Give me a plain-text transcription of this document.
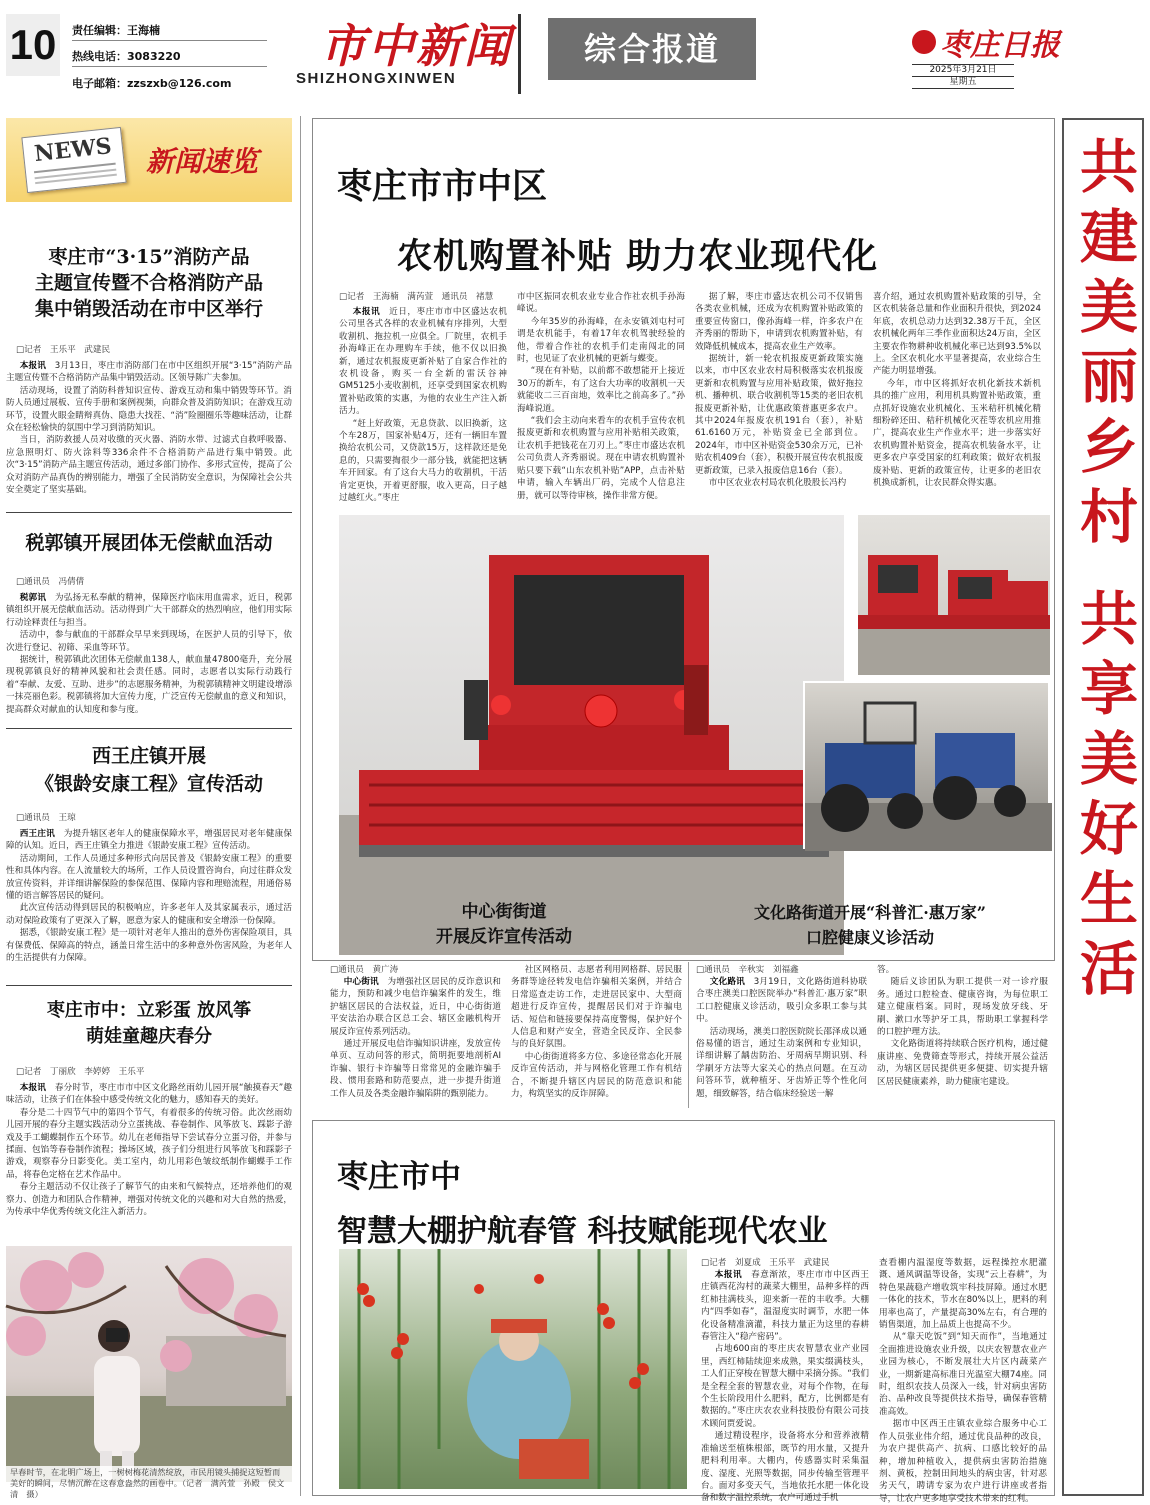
10	责任编辑：王海楠
热线电话：3083220
电子邮箱：zzszxb@126.com
市中新闻
SHIZHONGXINWEN
综合报道	枣庄日报
2025年3月21日
星期五
共建美丽乡村 共享美好生活
NEWS	新闻速览
枣庄市“3·15”消防产品
主题宣传暨不合格消防产品
集中销毁活动在市中区举行
□记者　王乐平　武建民

本报讯　 3月13日，枣庄市消防部门在市中区组织开展“3·15”消防产品主题宣传暨不合格消防产品集中销毁活动。区领导陈广夫参加。

活动现场，设置了消防科普知识宣传、游戏互动和集中销毁等环节。消防人员通过展板、宣传手册和案例视频，向群众普及消防知识；在游戏互动环节，设置火眼金睛辩真伪、隐患大找茬、“消”险圈圈乐等趣味活动，让群众在轻松愉快的氛围中学习到消防知识。

当日，消防救援人员对收缴的灭火器、消防水带、过滤式自救呼吸器、应急照明灯、防火涂料等336余件不合格消防产品进行集中销毁。此次“3·15”消防产品主题宣传活动，通过多部门协作、多形式宣传，提高了公众对消防产品真伪的辨别能力，增强了全民消防安全意识，为保障社会公共安全奠定了坚实基础。

税郭镇开展团体无偿献血活动
□通讯员　冯倩倩

税郭讯　 为弘扬无私奉献的精神，保障医疗临床用血需求，近日，税郭镇组织开展无偿献血活动。活动得到广大干部群众的热烈响应，他们用实际行动诠释责任与担当。

活动中，参与献血的干部群众早早来到现场，在医护人员的引导下，依次进行登记、初筛、采血等环节。

据统计，税郭镇此次团体无偿献血138人，献血量47800毫升，充分展现税郭镇良好的精神风貌和社会责任感。同时，志愿者以实际行动践行着“奉献、友爱、互助、进步”的志愿服务精神，为税郭镇精神文明建设增添一抹亮丽色彩。税郭镇将加大宣传力度，广泛宣传无偿献血的意义和知识，提高群众对献血的认知度和参与度。

西王庄镇开展
《银龄安康工程》宣传活动
□通讯员　王琼

西王庄讯　 为提升辖区老年人的健康保障水平，增强居民对老年健康保障的认知。近日，西王庄镇全力推进《银龄安康工程》宣传活动。

活动期间，工作人员通过多种形式向居民普及《银龄安康工程》的重要性和具体内容。在人流量较大的场所，工作人员设置咨询台，向过往群众发放宣传资料，并详细讲解保险的参保范围、保障内容和理赔流程，用通俗易懂的语言解答居民的疑问。

此次宣传活动得到居民的积极响应，许多老年人及其家属表示，通过活动对保险政策有了更深入了解，愿意为家人的健康和安全增添一份保障。

据悉，《银龄安康工程》是一项针对老年人推出的意外伤害保险项目，具有保费低、保障高的特点，涵盖日常生活中的多种意外伤害风险，为老年人的生活提供有力保障。

枣庄市中：立彩蛋 放风筝
萌娃童趣庆春分
□记者　丁丽欣　李婷婷　王乐平

本报讯　 春分时节，枣庄市市中区文化路丝雨幼儿园开展“触摸春天”趣味活动，让孩子们在体验中感受传统文化的魅力，感知春天的美好。

春分是二十四节气中的第四个节气，有着很多的传统习俗。此次丝雨幼儿园开展的春分主题实践活动分立蛋挑战、春卷制作、风筝放飞、踩影子游戏及手工蝴蝶制作五个环节。幼儿在老师指导下尝试春分立蛋习俗，并参与揉面、包馅等春卷制作流程；操场区域，孩子们分组进行风筝放飞和踩影子游戏，观察春分日影变化。美工室内，幼儿用彩色皱纹纸制作蝴蝶手工作品，将春色定格在艺术作品中。

春分主题活动不仅让孩子了解节气的由来和气候特点，还培养他们的观察力、创造力和团队合作精神，增强对传统文化的兴趣和对大自然的热爱，为传承中华优秀传统文化注入新活力。

早春时节，在北明广场上，一树树梅花清然绽放，市民用镜头捕捉这短暂而美好的瞬间，尽情沉醉在这春意盎然的画卷中。（记者　满芮萱　孙殿　侯文清　摄）
枣庄市市中区
农机购置补贴 助力农业现代化
□记者　王海楠　满芮萱　通讯员　褚慧

本报讯　 近日，枣庄市市中区盛达农机公司里各式各样的农业机械有序排列，大型收割机、拖拉机一应俱全。厂院里，农机手孙海峰正在办理购车手续，他不仅以旧换新，通过农机报废更新补贴了自家合作社的农机设备，购买一台全新的雷沃谷神GM5125小麦收割机，还享受到国家农机购置补贴政策的实惠，为他的农业生产注入新活力。

“赶上好政策，无息贷款、以旧换新，这个车28万，国家补贴4万，还有一辆旧车置换给农机公司，又贷款15万，这样款还是免息的，只需要掏很少一部分钱，就能把这辆车开回家。有了这台大马力的收割机，干活肯定更快，开着更舒服，收入更高，日子越过越红火。”枣庄

市中区振同农机农业专业合作社农机手孙海峰说。

今年35岁的孙海峰，在永安镇刘屯村可谓是农机能手，有着17年农机驾驶经验的他，带着合作社的农机手们走南闯北的同时，也见证了农业机械的更新与蝶变。

“现在有补贴，以前都不敢想能开上接近30万的新车，有了这台大功率的收割机一天就能收二三百亩地，效率比之前高多了。”孙海峰说道。

“我们会主动向来看车的农机手宣传农机报废更新和农机购置与应用补贴相关政策，让农机手把钱花在刀刃上。”枣庄市盛达农机公司负责人齐秀丽说。现在申请农机购置补贴只要下载“山东农机补贴”APP，点击补贴申请，输入车辆出厂码，完成个人信息注册，就可以等待审核，操作非常方便。

据了解，枣庄市盛达农机公司不仅销售各类农业机械，还成为农机购置补贴政策的重要宣传窗口，像孙海峰一样，许多农户在齐秀丽的帮助下，申请到农机购置补贴，有效降低机械成本，提高农业生产效率。

据统计，新一轮农机报废更新政策实施以来，市中区农业农村局积极落实农机报废更新和农机购置与应用补贴政策，做好拖拉机、播种机、联合收割机等15类的老旧农机报废更新补贴，让优惠政策普惠更多农户。其中2024年报废农机191台（套），补贴61.6160万元，补贴资金已全部到位。2024年，市中区补贴资金530余万元，已补贴农机409台（套），积极开展宣传农机报废更新政策，已录入报废信息16台（套）。

市中区农业农村局农机化股股长冯杓

喜介绍，通过农机购置补贴政策的引导，全区农机装备总量和作业面积升很快，到2024年底，农机总动力达到32.38万千瓦，全区农机械化两年三季作业面积达24万亩，全区主要农作物耕种收机械化率已达到93.5%以上。全区农机化水平显著提高，农业综合生产能力明显增强。

今年，市中区将抓好农机化新技术新机具的推广应用，利用机具购置补贴政策，重点抓好设施农业机械化、玉米秸秆机械化精细粉碎还田、秸秆机械化灭茬等农机应用推广，提高农业生产作业水平；进一步落实好农机购置补贴资金，提高农机装备水平，让更多农户享受国家的红利政策；做好农机报废补贴、更新的政策宣传，让更多的老旧农机换成新机，让农民群众得实惠。

中心街街道
开展反诈宣传活动
文化路街道开展“科普汇·惠万家”
口腔健康义诊活动
□通讯员　黄广涛

中心街讯　 为增强社区居民的反诈意识和能力，预防和减少电信诈骗案件的发生，维护辖区居民的合法权益，近日，中心街街道平安法治办联合区总工会、辖区金融机构开展反诈宣传系列活动。

通过开展反电信诈骗知识讲座，发放宣传单页、互动问答的形式，简明扼要地剖析AI诈骗、银行卡诈骗等日常常见的金融诈骗手段、惯用套路和防范要点，进一步提升街道工作人员及各类金融诈骗陷阱的甄别能力。

社区网格员、志愿者利用网格群、居民服务群等途径转发电信诈骗相关案例，并结合日常巡查走访工作，走进居民家中、大型商超进行反诈宣传，提醒居民们对于诈骗电话、短信和链接要保持高度警惕，保护好个人信息和财产安全，营造全民反诈、全民参与的良好氛围。

中心街街道将多方位、多途径常态化开展反诈宣传活动，并与网格化管理工作有机结合，不断提升辖区内居民的防范意识和能力，构筑坚实的反诈屏障。

□通讯员　辛秋实　刘福鑫

文化路讯　 3月19日，文化路街道科协联合枣庄澳美口腔医院举办“科普汇·惠万家”职工口腔健康义诊活动，吸引众多职工参与其中。

活动现场，澳美口腔医院院长邵泽成以通俗易懂的语言，通过生动案例和专业知识，详细讲解了龋齿防治、牙周病早期识别、科学刷牙方法等大家关心的热点问题。在互动问答环节，就种植牙、牙齿矫正等个性化问题，细致解答，结合临床经验送一解

答。

随后义诊团队为职工提供一对一诊疗服务。通过口腔检查、健康咨询，为每位职工建立健康档案。同时，现场发放牙线、牙刷、漱口水等护牙工具，帮助职工掌握科学的口腔护理方法。

文化路街道将持续联合医疗机构，通过健康讲座、免费筛查等形式，持续开展公益活动，为辖区居民提供更多便捷、切实提升辖区居民健康素养，助力健康宅建设。

枣庄市中
智慧大棚护航春管 科技赋能现代农业
□记者　刘夏成　王乐平　武建民

本报讯　 春意渐浓，枣庄市市中区西王庄镇西花沟村的蔬菜大棚里，品种多样的西红柿挂满枝头，迎来新一茬的丰收季。大棚内“四季如春”，温湿度实时调节，水肥一体化设备精准滴灌，科技力量正为这里的春耕春管注入“稳产密码”。

占地600亩的枣庄庆农智慧农业产业园里，西红柿陆续迎来成熟，果实缀满枝头，工人们正穿梭在智慧大棚中采摘分拣。“我们是全程全套的智慧农业，对每个作物，在每个生长阶段用什么肥料，配方，比例都是有数据的。”枣庄庆农农业科技股份有限公司技术顾问贾爱说。

通过精设程序，设备将水分和营养液精准输送至植株根部，既节约用水量，又提升肥料利用率。大棚内，传感器实时采集温度、湿度、光照等数据，同步传输至管理平台。面对多变天气，当地依托水肥一体化设备和数字温控系统，农户可通过手机

查看棚内温湿度等数据，远程操控水肥灌溉、通风调温等设备，实现“云上春耕”，为特色果蔬稳产增收筑牢科技屏障。通过水肥一体化的技术，节水在80%以上，肥料的利用率也高了，产量提高30%左右，有合理的销售渠道，加上品质上也提高不少。

从“靠天吃饭”到“知天而作”，当地通过全面推进设施农业升级，以庆农智慧农业产业园为核心，不断发展壮大片区内蔬菜产业，一期新建高标准日光温室大棚74座。同时，组织农技人员深入一线，针对病虫害防治、品种改良等提供技术指导，确保春管精准高效。

据市中区西王庄镇农业综合服务中心工作人员张业伟介绍，通过优良品种的改良，为农户提供高产、抗病、口感比较好的品种，增加种植收入，提供病虫害防治措施剂、黄板，控制田间地头的病虫害，针对恶劣天气，聘请专家为农户进行讲座或者指导，让农户更多地享受技术带来的红利。
